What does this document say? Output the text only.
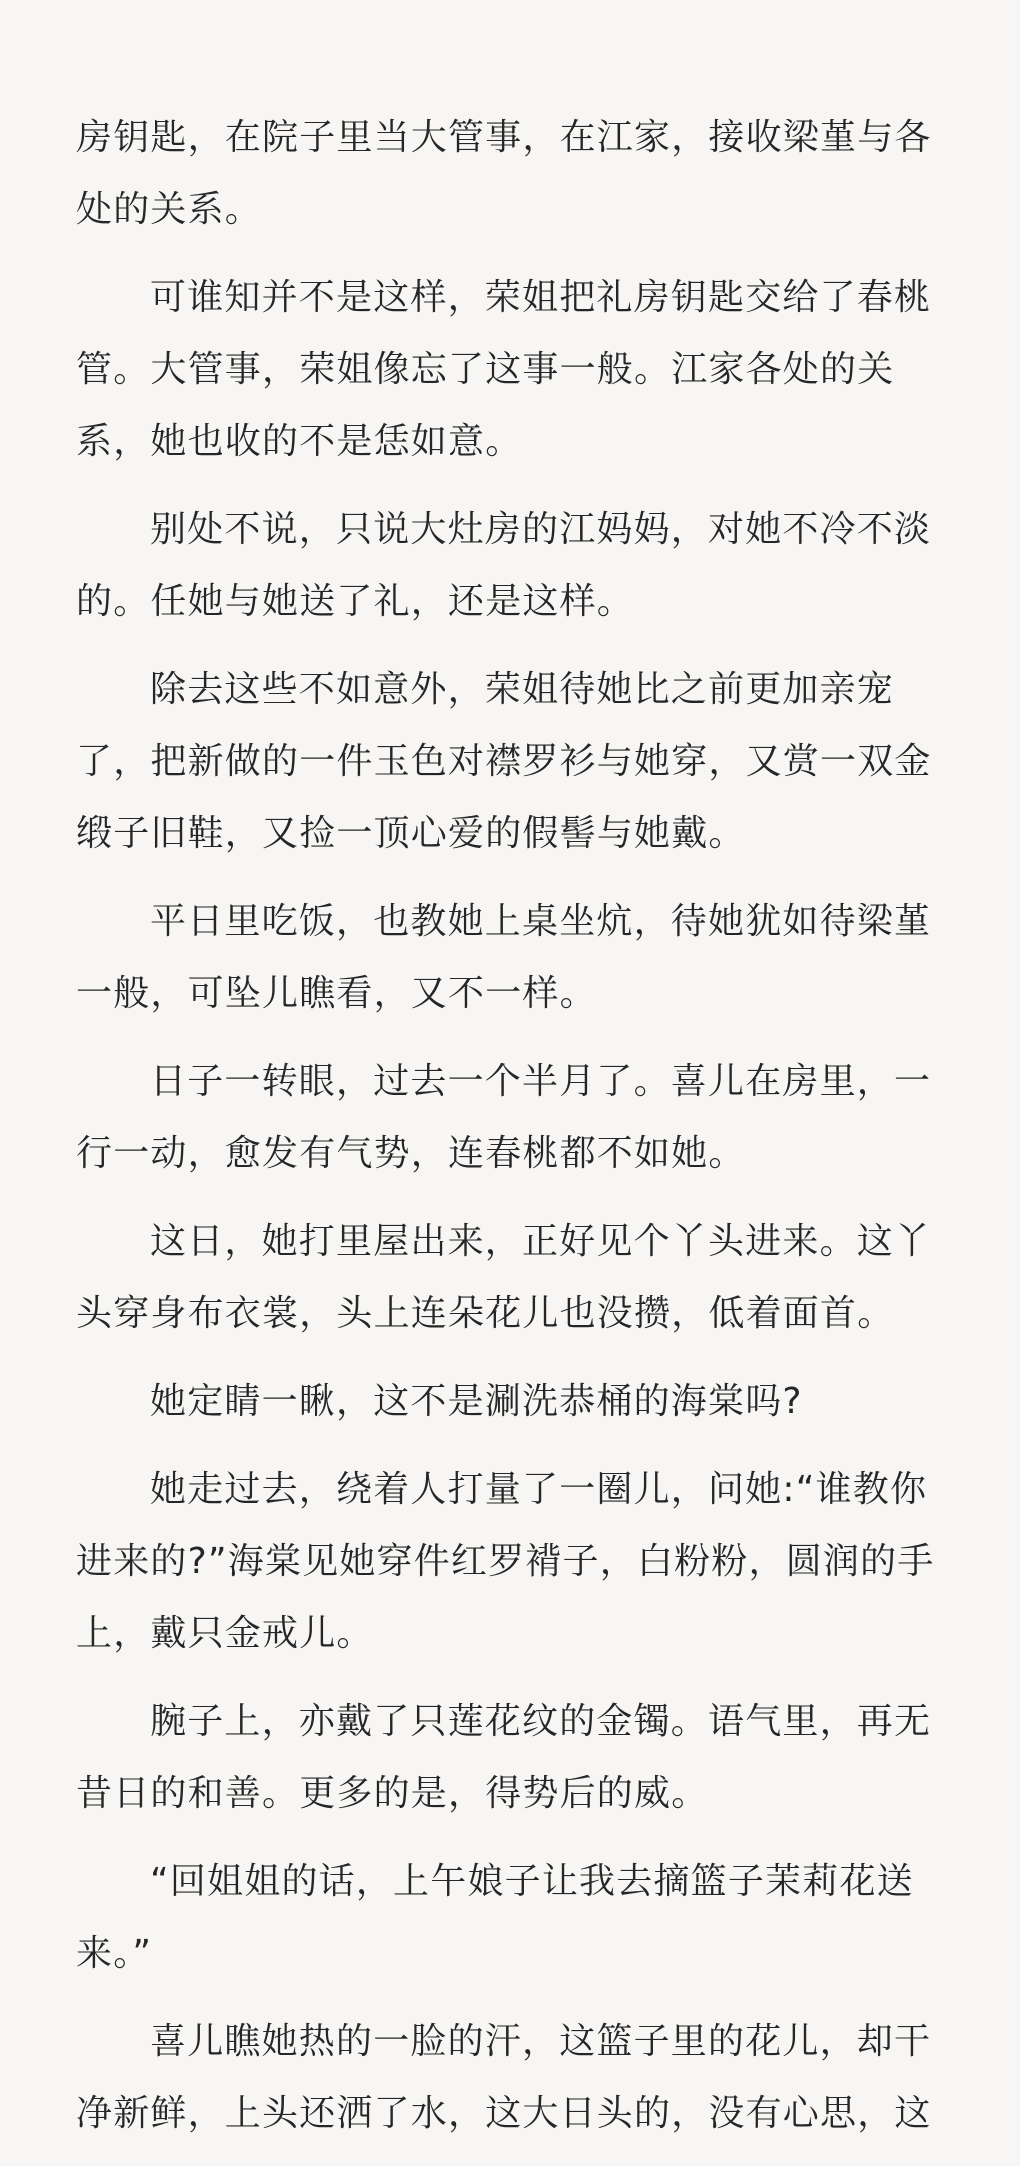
房钥匙，在院子里当大管事，在江家，接收梁堇与各处的关系。

可谁知并不是这样，荣姐把礼房钥匙交给了春桃管。大管事，荣姐像忘了这事一般。江家各处的关系，她也收的不是恁如意。

别处不说，只说大灶房的江妈妈，对她不冷不淡的。任她与她送了礼，还是这样。

除去这些不如意外，荣姐待她比之前更加亲宠了，把新做的一件玉色对襟罗衫与她穿，又赏一双金缎子旧鞋，又捡一顶心爱的假髻与她戴。

平日里吃饭，也教她上桌坐炕，待她犹如待梁堇一般，可坠儿瞧看，又不一样。

日子一转眼，过去一个半月了。喜儿在房里，一行一动，愈发有气势，连春桃都不如她。

这日，她打里屋出来，正好见个丫头进来。这丫头穿身布衣裳，头上连朵花儿也没攒，低着面首。

她定睛一瞅，这不是涮洗恭桶的海棠吗?

她走过去，绕着人打量了一圈儿，问她:“谁教你进来的?”海棠见她穿件红罗褙子，白粉粉，圆润的手上，戴只金戒儿。

腕子上，亦戴了只莲花纹的金镯。语气里，再无昔日的和善。更多的是，得势后的威。

“回姐姐的话，上午娘子让我去摘篮子茉莉花送来。”

喜儿瞧她热的一脸的汗，这篮子里的花儿，却干净新鲜，上头还洒了水，这大日头的，没有心思，这
